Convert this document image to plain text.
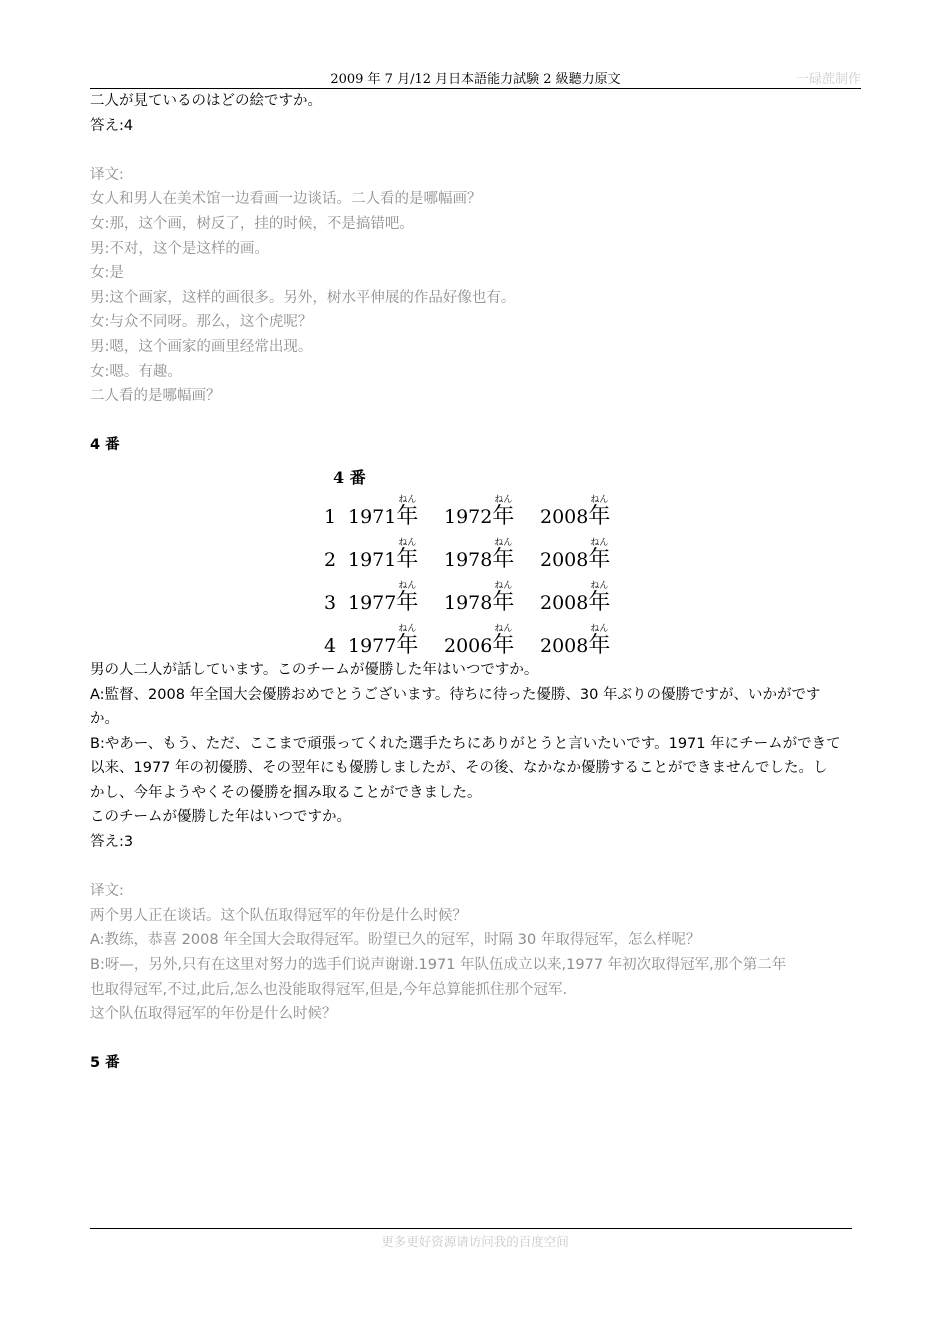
2009 年 7 月/12 月日本語能力試験 2 級聽力原文	一碌蔗制作

二人が見ているのはどの絵ですか。

答え:4

译文:

女人和男人在美术馆一边看画一边谈话。二人看的是哪幅画？

女:那，这个画，树反了，挂的时候，不是搞错吧。

男:不对，这个是这样的画。

女:是

男:这个画家，这样的画很多。另外，树水平伸展的作品好像也有。

女:与众不同呀。那么，这个虎呢？

男:嗯，这个画家的画里经常出现。

女:嗯。有趣。

二人看的是哪幅画？

4 番

4 番
1 1971
ねん
年 1972
ねん
年 2008
ねん
年
2 1971
ねん
年 1978
ねん
年 2008
ねん
年
3 1977
ねん
年 1978
ねん
年 2008
ねん
年
4 1977
ねん
年 2006
ねん
年 2008
ねん
年

男の人二人が話しています。このチームが優勝した年はいつですか。

A:監督、2008 年全国大会優勝おめでとうございます。待ちに待った優勝、30 年ぶりの優勝ですが、いかがです

か。

B:やあー、もう、ただ、ここまで頑張ってくれた選手たちにありがとうと言いたいです。1971 年にチームができて

以来、1977 年の初優勝、その翌年にも優勝しましたが、その後、なかなか優勝することができませんでした。し

かし、今年ようやくその優勝を掴み取ることができました。

このチームが優勝した年はいつですか。

答え:3

译文:

两个男人正在谈话。这个队伍取得冠军的年份是什么时候？

A:教练，恭喜 2008 年全国大会取得冠军。盼望已久的冠军，时隔 30 年取得冠军，怎么样呢？

B:呀—，另外,只有在这里对努力的选手们说声谢谢.1971 年队伍成立以来,1977 年初次取得冠军,那个第二年

也取得冠军,不过,此后,怎么也没能取得冠军,但是,今年总算能抓住那个冠军.

这个队伍取得冠军的年份是什么时候？

5 番

更多更好资源请访问我的百度空间
